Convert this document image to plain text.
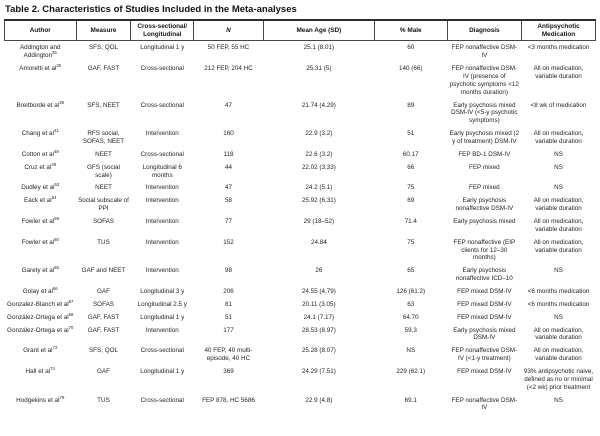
Table 2. Characteristics of Studies Included in the Meta-analyses
Author	Measure	Cross-sectional/ Longitudinal	N	Mean Age (SD)	% Male	Diagnosis	Antipsychotic Medication
Addington and Addington$^{25}$	SFS, QOL	Longitudinal 1 y	50 FEP, 55 HC	25.1 (8.01)	60	FEP nonaffective DSM-IV	<3 months medication
Amoretti et al$^{30}$	GAF, FAST	Cross-sectional	212 FEP, 204 HC	25.31 (5)	140 (66)	FEP nonaffective DSM-IV (presence of psychotic symptoms <12 months duration)	All on medication, variable duration
Breitborde et al$^{36}$	SFS, NEET	Cross-sectional	47	21.74 (4.29)	89	Early psychosis mixed DSM-IV (<5-y psychotic symptoms)	<8 wk of medication
Chang et al$^{41}$	RFS social, SOFAS, NEET	Intervention	160	22.9 (3.2)	51	Early psychosis mixed (2 y of treatment) DSM-IV	All on medication, variable duration
Cotton et al$^{48}$	NEET	Cross-sectional	118	22.6 (3.2)	60.17	FEP BD-1 DSM-IV	NS
Cruz et al$^{49}$	GFS (social scale)	Longitudinal 6 months	44	22.02 (3.33)	66	FEP mixed	NS
Dudley et al$^{53}$	NEET	Intervention	47	24.2 (5.1)	75	FEP mixed	NS
Eack et al$^{54}$	Social subscale of PPI	Intervention	58	25.92 (6.31)	69	Early psychosis nonaffective DSM-IV	All on medication, variable duration
Fowler et al$^{59}$	SOFAS	Intervention	77	29 (18–52)	71.4	Early psychosis mixed	All on medication, variable duration
Fowler et al$^{60}$	TUS	Intervention	152	24.84	75	FEP nonaffective (EIP clients for 12–30 months)	All on medication, variable duration
Garety et al$^{65}$	GAF and NEET	Intervention	98	26	65	Early psychosis nonaffective ICD–10	NS
Golay et al$^{66}$	GAF	Longitudinal 3 y	206	24.55 (4.79)	126 (61.2)	FEP mixed DSM-IV	<6 months medication
Gonzalez-Blanch et al$^{67}$	SOFAS	Longitudinal 2.5 y	81	20.11 (3.05)	63	FEP mixed DSM-IV	<6 months medication
González-Ortega et al$^{68}$	GAF, FAST	Longitudinal 1 y	51	24.1 (7.17)	64.70	FEP mixed DSM-IV	NS
González-Ortega et al$^{70}$	GAF, FAST	Intervention	177	28.53 (8.97)	59.3	Early psychosis mixed DSM-IV	All on medication, variable duration
Grant et al$^{72}$	SFS, QOL	Cross-sectional	40 FEP, 40 multi-episode, 40 HC	25.28 (8.07)	NS	FEP nonaffective DSM-IV (<1-y treatment)	All on medication, variable duration
Hall et al$^{74}$	GAF	Longitudinal 1 y	369	24.29 (7.51)	229 (62.1)	FEP mixed DSM-IV	93% antipsychotic naive, defined as no or minimal (<2 wk) prior treatment
Hodgekins et al$^{79}$	TUS	Cross-sectional	FEP 878, HC 5686	22.9 (4.8)	69.1	FEP nonaffective DSM-IV	NS
